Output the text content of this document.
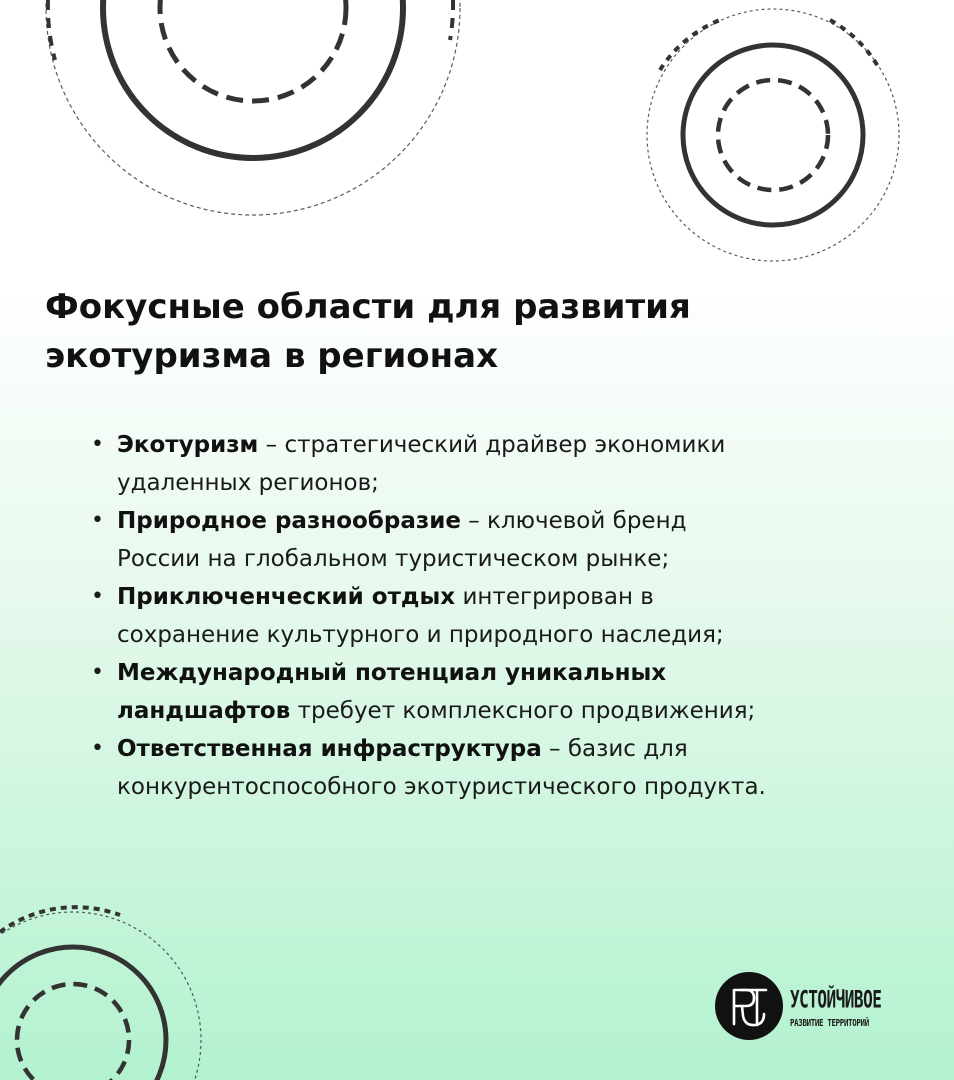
Фокусные области для развития
экотуризма в регионах
• Экотуризм – стратегический драйвер экономики
удаленных регионов;
• Природное разнообразие – ключевой бренд
России на глобальном туристическом рынке;
• Приключенческий отдых интегрирован в
сохранение культурного и природного наследия;
• Международный потенциал уникальных
ландшафтов требует комплексного продвижения;
• Ответственная инфраструктура – базис для
конкурентоспособного экотуристического продукта.
УСТОЙЧИВОЕ
РАЗВИТИЕ ТЕРРИТОРИЙ
